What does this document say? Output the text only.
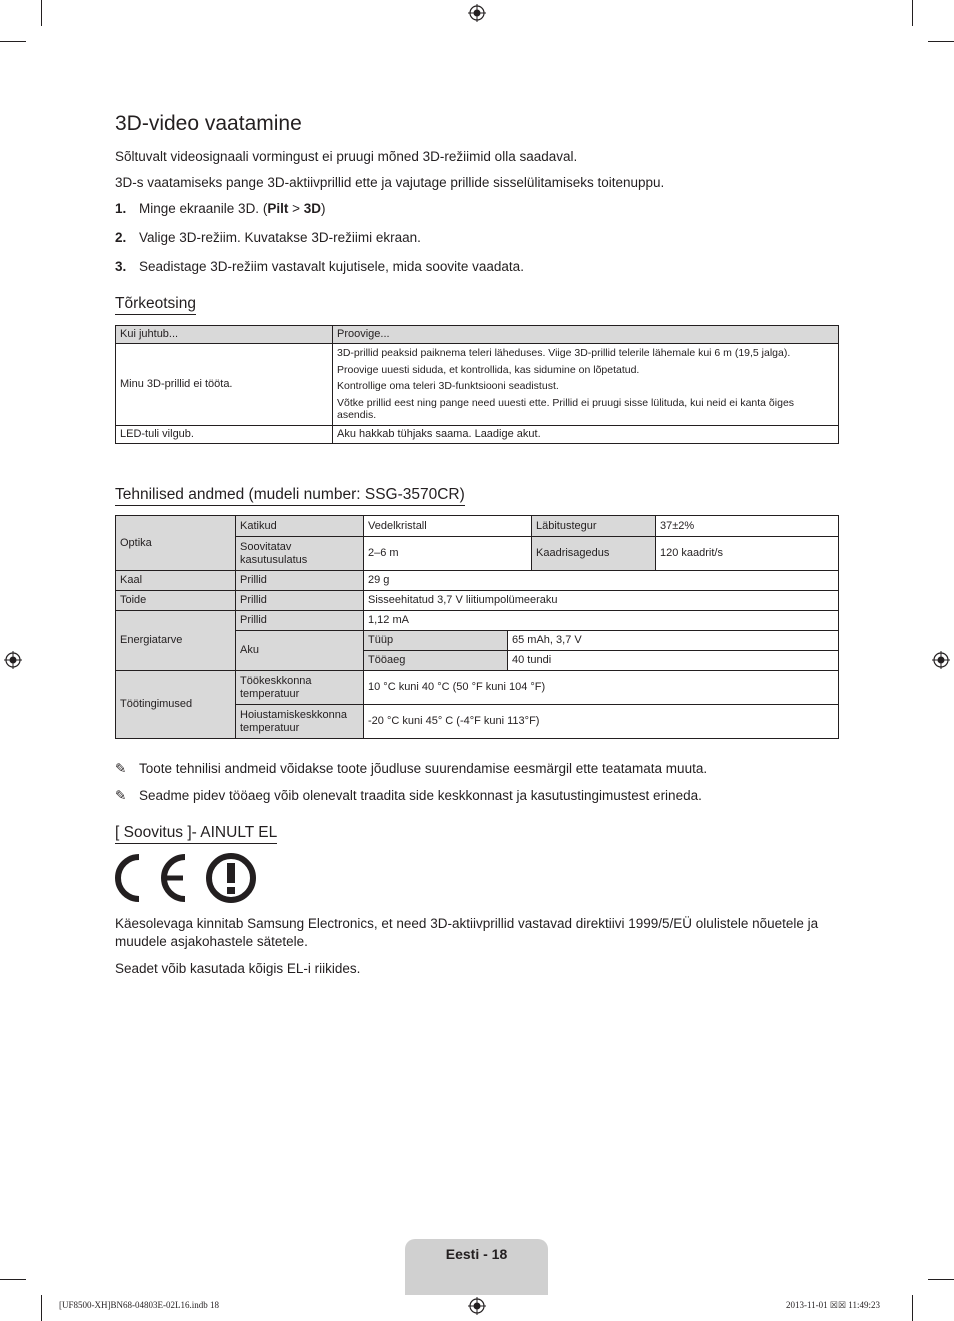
3D-video vaatamine

Sõltuvalt videosignaali vormingust ei pruugi mõned 3D-režiimid olla saadaval.

3D-s vaatamiseks pange 3D-aktiivprillid ette ja vajutage prillide sisselülitamiseks toitenuppu.

1. Minge ekraanile 3D. (Pilt > 3D)
2. Valige 3D-režiim. Kuvatakse 3D-režiimi ekraan.
3. Seadistage 3D-režiim vastavalt kujutisele, mida soovite vaadata.
Tõrkeotsing
Kui juhtub...	Proovige...
Minu 3D-prillid ei tööta.	3D-prillid peaksid paiknema teleri läheduses. Viige 3D-prillid telerile lähemale kui 6 m (19,5 jalga).
Proovige uuesti siduda, et kontrollida, kas sidumine on lõpetatud.
Kontrollige oma teleri 3D-funktsiooni seadistust.
Võtke prillid eest ning pange need uuesti ette. Prillid ei pruugi sisse lülituda, kui neid ei kanta õiges asendis.

LED-tuli vilgub.	Aku hakkab tühjaks saama. Laadige akut.
Tehnilised andmed (mudeli number: SSG-3570CR)
Optika	Katikud	Vedelkristall		Läbitustegur	37±2%
	Soovitatav kasutusulatus	2–6 m		Kaadrisagedus	120 kaadrit/s
Kaal	Prillid	29 g			
Toide	Prillid	Sisseehitatud 3,7 V liitiumpolümeeraku			
Energiatarve	Prillid	1,12 mA			
	Aku	Tüüp	65 mAh, 3,7 V		
		Tööaeg	40 tundi		
Töötingimused	Töökeskkonna temperatuur	10 °C kuni 40 °C (50 °F kuni 104 °F)			
	Hoiustamiskeskkonna temperatuur	-20 °C kuni 45° C (-4°F kuni 113°F)			
✎ Toote tehnilisi andmeid võidakse toote jõudluse suurendamise eesmärgil ette teatamata muuta.
✎ Seadme pidev tööaeg võib olenevalt traadita side keskkonnast ja kasutustingimustest erineda.
[ Soovitus ]- AINULT EL

Käesolevaga kinnitab Samsung Electronics, et need 3D-aktiivprillid vastavad direktiivi 1999/5/EÜ olulistele nõuetele ja muudele asjakohastele sätetele.

Seadet võib kasutada kõigis EL-i riikides.

Eesti - 18
[UF8500-XH]BN68-04803E-02L16.indb 18	2013-11-01 ☒☒ 11:49:23
